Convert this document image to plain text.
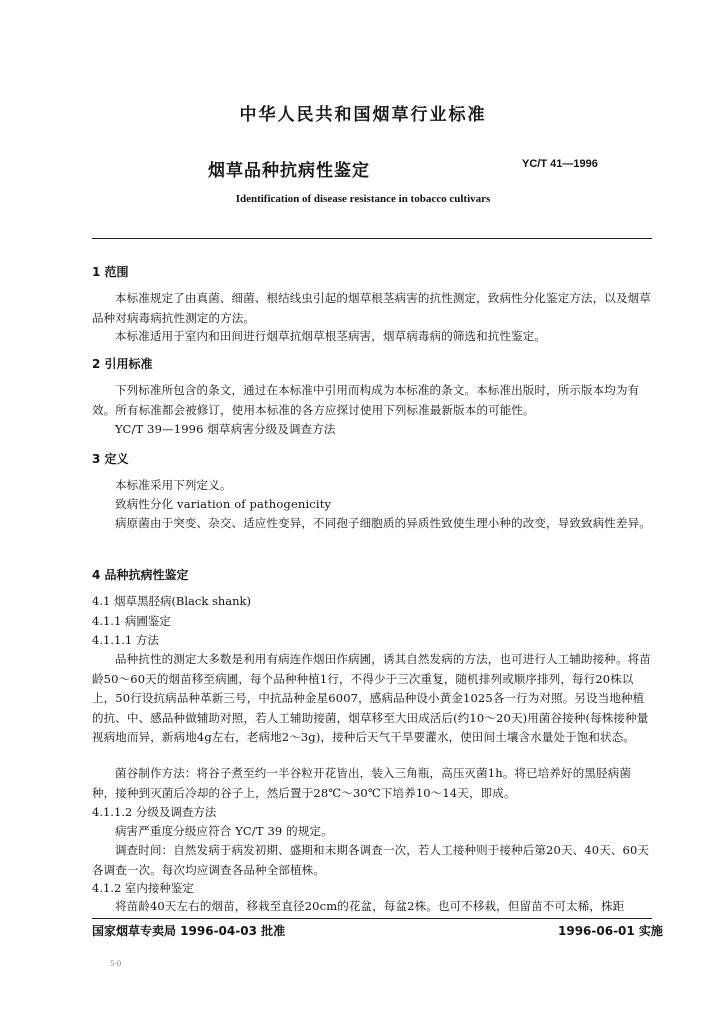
中华人民共和国烟草行业标准
烟草品种抗病性鉴定	YC/T 41—1996
Identification of disease resistance in tobacco cultivars
1 范围
本标准规定了由真菌、细菌、根结线虫引起的烟草根茎病害的抗性测定，致病性分化鉴定方法，以及烟草品种对病毒病抗性测定的方法。
本标准适用于室内和田间进行烟草抗烟草根茎病害，烟草病毒病的筛选和抗性鉴定。
2 引用标准
下列标准所包含的条文，通过在本标准中引用而构成为本标准的条文。本标准出版时，所示版本均为有效。所有标准都会被修订，使用本标准的各方应探讨使用下列标准最新版本的可能性。
YC/T 39—1996 烟草病害分级及调查方法
3 定义
本标准采用下列定义。
致病性分化 variation of pathogenicity
病原菌由于突变、杂交、适应性变异，不同孢子细胞质的异质性致使生理小种的改变，导致致病性差异。
4 品种抗病性鉴定
4.1 烟草黑胫病(Black shank)
4.1.1 病圃鉴定
4.1.1.1 方法
品种抗性的测定大多数是利用有病连作烟田作病圃，诱其自然发病的方法，也可进行人工辅助接种。将苗龄50～60天的烟苗移至病圃，每个品种种植1行，不得少于三次重复，随机排列或顺序排列，每行20株以上，50行设抗病品种革新三号，中抗品种金星6007，感病品种设小黄金1025各一行为对照。另设当地种植的抗、中、感品种做辅助对照，若人工辅助接菌，烟草移至大田成活后(约10～20天)用菌谷接种(每株接种量视病地而异，新病地4g左右，老病地2～3g)，接种后天气干旱要灌水，使田间土壤含水量处于饱和状态。
菌谷制作方法：将谷子煮至约一半谷粒开花皆出，装入三角瓶，高压灭菌1h。将已培养好的黑胫病菌种，接种到灭菌后冷却的谷子上，然后置于28℃～30℃下培养10～14天，即成。
4.1.1.2 分级及调查方法
病害严重度分级应符合 YC/T 39 的规定。
调查时间：自然发病于病发初期、盛期和末期各调查一次，若人工接种则于接种后第20天、40天、60天各调查一次。每次均应调查各品种全部植株。
4.1.2 室内接种鉴定
将苗龄40天左右的烟苗，移栽至直径20cm的花盆，每盆2株。也可不移栽，但留苗不可太稀，株距
国家烟草专卖局 1996-04-03 批准	1996-06-01 实施
5-0
